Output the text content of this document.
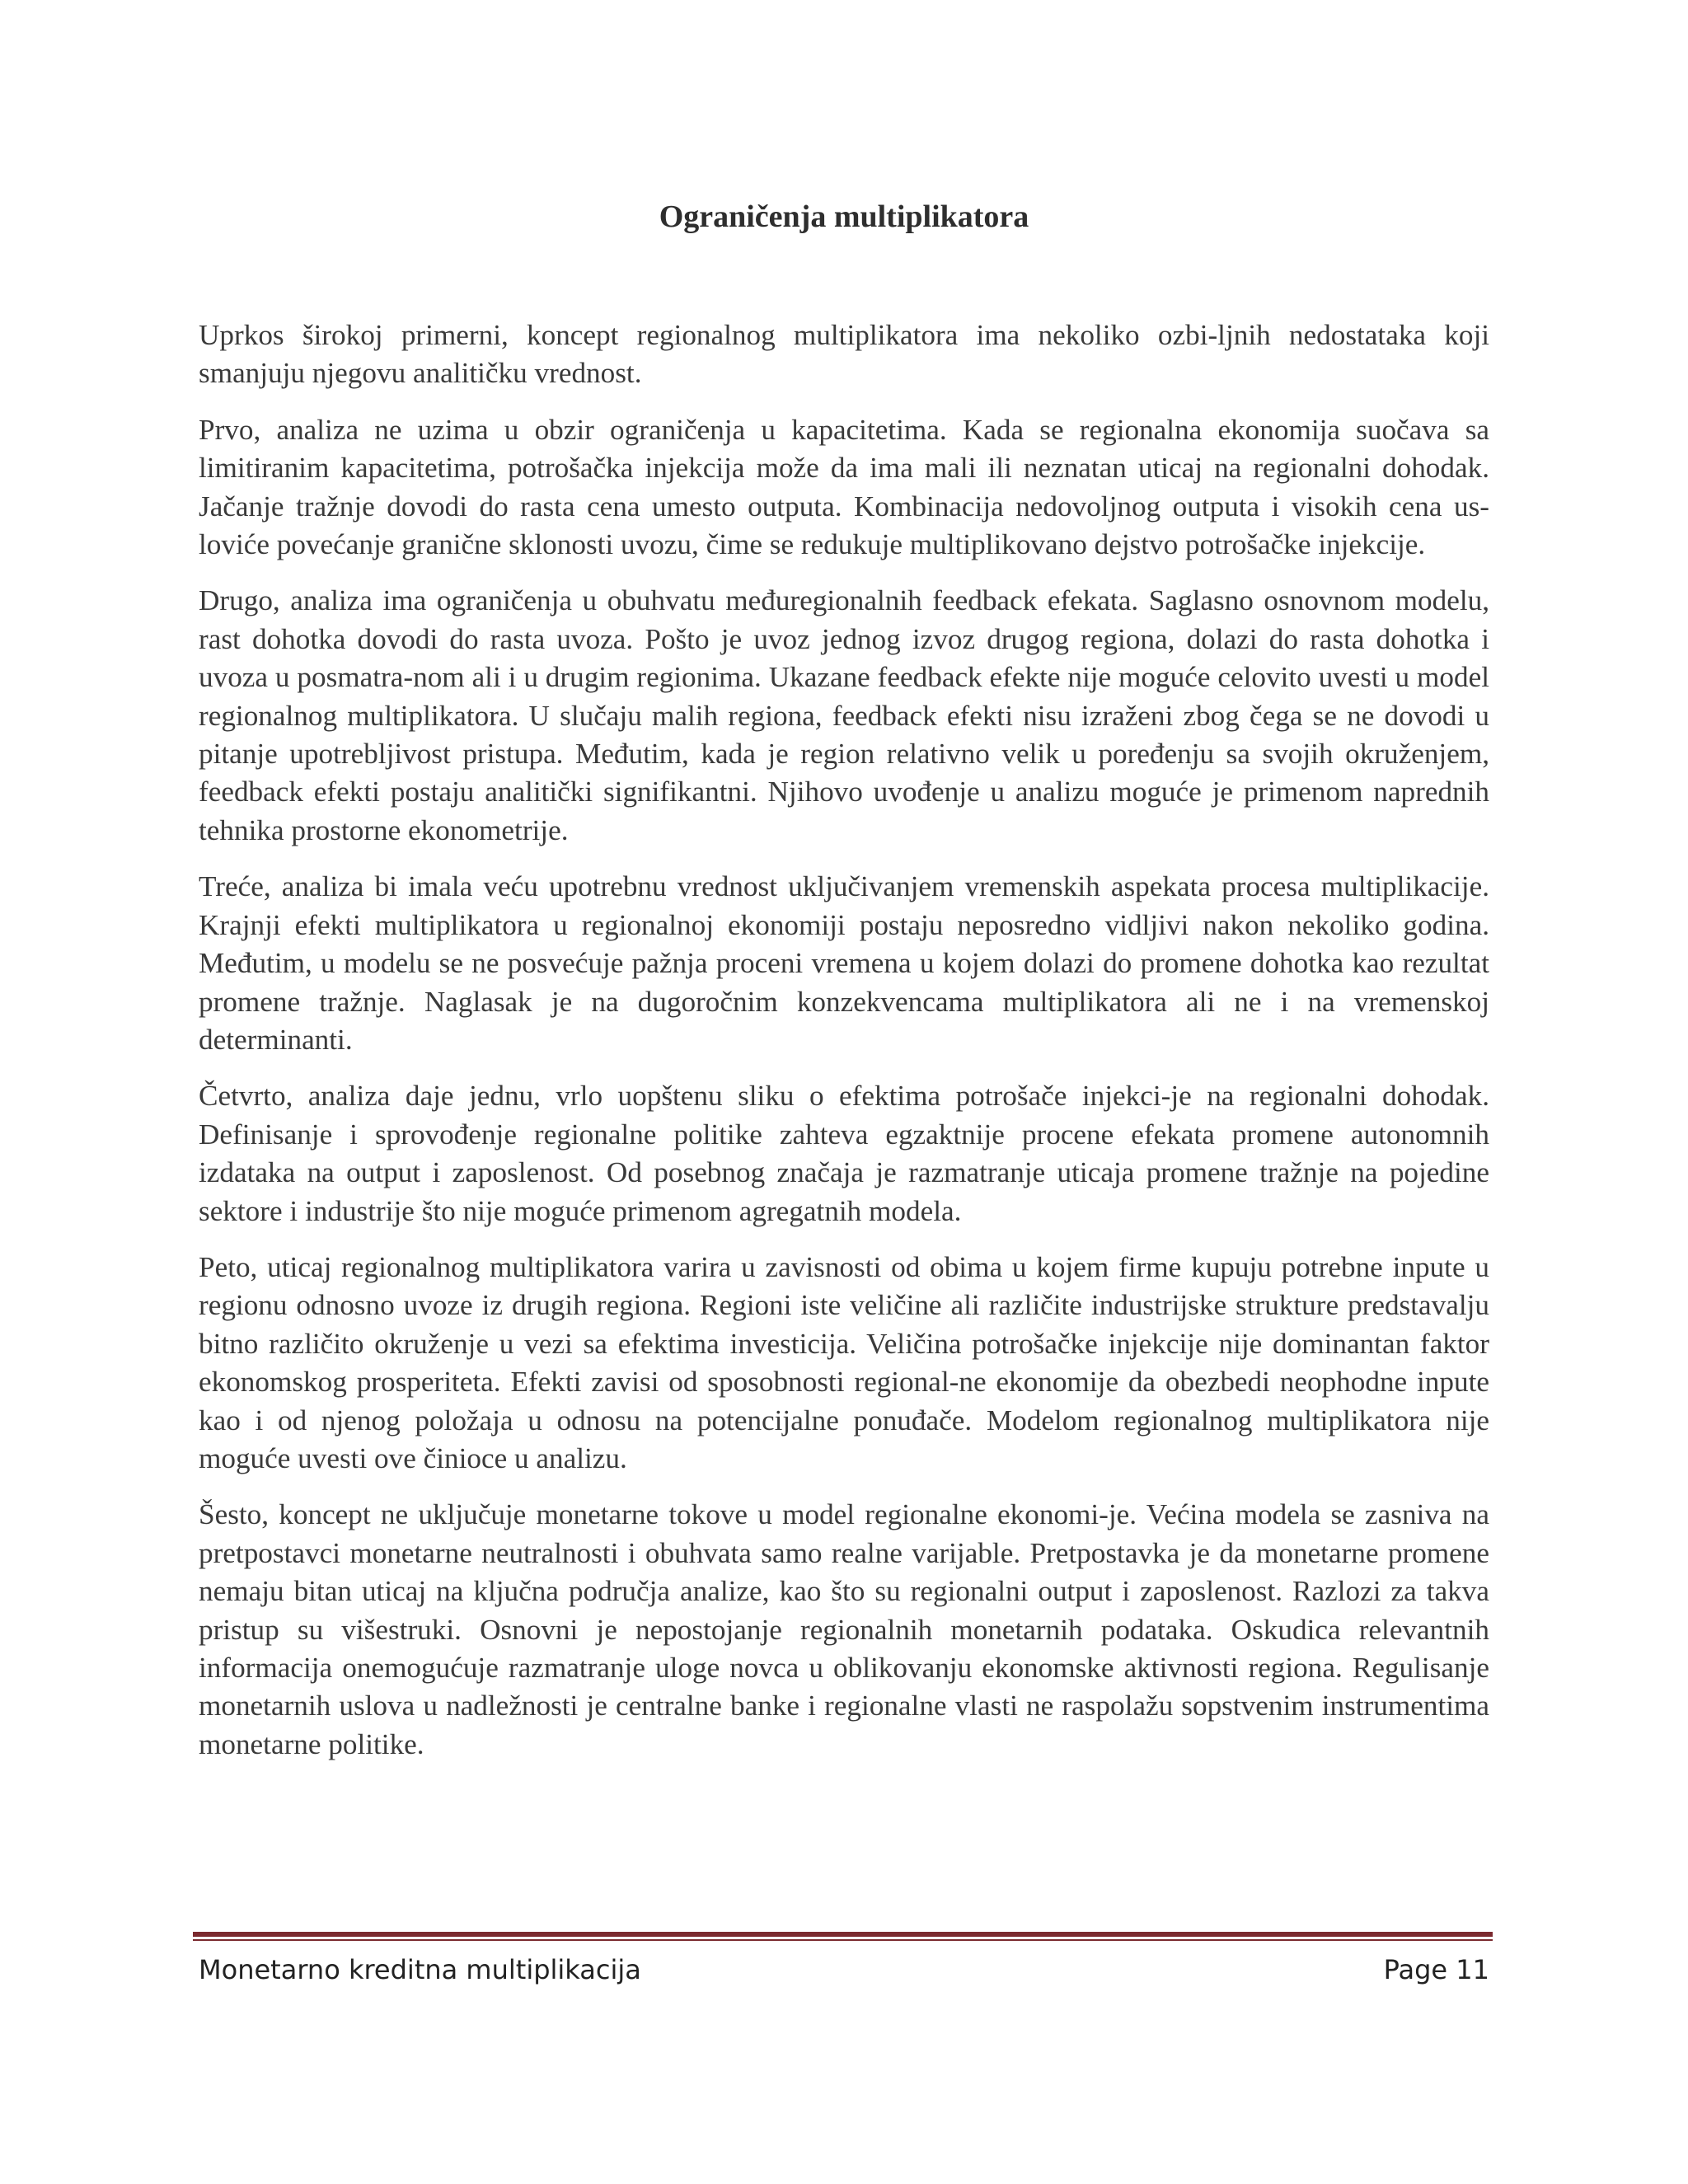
Ograničenja multiplikatora

Uprkos širokoj primerni, koncept regionalnog multiplikatora ima nekoliko ozbi-ljnih nedostataka koji smanjuju njegovu analitičku vrednost.

Prvo, analiza ne uzima u obzir ograničenja u kapacitetima. Kada se regionalna ekonomija suočava sa limitiranim kapacitetima, potrošačka injekcija može da ima mali ili neznatan uticaj na regionalni dohodak. Jačanje tražnje dovodi do rasta cena umesto outputa. Kombinacija nedovoljnog outputa i visokih cena us-loviće povećanje granične sklonosti uvozu, čime se redukuje multiplikovano dejstvo potrošačke injekcije.

Drugo, analiza ima ograničenja u obuhvatu međuregionalnih feedback efekata. Saglasno osnovnom modelu, rast dohotka dovodi do rasta uvoza. Pošto je uvoz jednog izvoz drugog regiona, dolazi do rasta dohotka i uvoza u posmatra-nom ali i u drugim regionima. Ukazane feedback efekte nije moguće celovito uvesti u model regionalnog multiplikatora. U slučaju malih regiona, feedback efekti nisu izraženi zbog čega se ne dovodi u pitanje upotrebljivost pristupa. Međutim, kada je region relativno velik u poređenju sa svojih okruženjem, feedback efekti postaju analitički signifikantni. Njihovo uvođenje u analizu moguće je primenom naprednih tehnika prostorne ekonometrije.

Treće, analiza bi imala veću upotrebnu vrednost uključivanjem vremenskih aspekata procesa multiplikacije. Krajnji efekti multiplikatora u regionalnoj ekonomiji postaju neposredno vidljivi nakon nekoliko godina. Međutim, u modelu se ne posvećuje pažnja proceni vremena u kojem dolazi do promene dohotka kao rezultat promene tražnje. Naglasak je na dugoročnim konzekvencama multiplikatora ali ne i na vremenskoj determinanti.

Četvrto, analiza daje jednu, vrlo uopštenu sliku o efektima potrošače injekci-je na regionalni dohodak. Definisanje i sprovođenje regionalne politike zahteva egzaktnije procene efekata promene autonomnih izdataka na output i zaposlenost. Od posebnog značaja je razmatranje uticaja promene tražnje na pojedine sektore i industrije što nije moguće primenom agregatnih modela.

Peto, uticaj regionalnog multiplikatora varira u zavisnosti od obima u kojem firme kupuju potrebne inpute u regionu odnosno uvoze iz drugih regiona. Regioni iste veličine ali različite industrijske strukture predstavalju bitno različito okruženje u vezi sa efektima investicija. Veličina potrošačke injekcije nije dominantan faktor ekonomskog prosperiteta. Efekti zavisi od sposobnosti regional-ne ekonomije da obezbedi neophodne inpute kao i od njenog položaja u odnosu na potencijalne ponuđače. Modelom regionalnog multiplikatora nije moguće uvesti ove činioce u analizu.

Šesto, koncept ne uključuje monetarne tokove u model regionalne ekonomi-je. Većina modela se zasniva na pretpostavci monetarne neutralnosti i obuhvata samo realne varijable. Pretpostavka je da monetarne promene nemaju bitan uticaj na ključna područja analize, kao što su regionalni output i zaposlenost. Razlozi za takva pristup su višestruki. Osnovni je nepostojanje regionalnih monetarnih podataka. Oskudica relevantnih informacija onemogućuje razmatranje uloge novca u oblikovanju ekonomske aktivnosti regiona. Regulisanje monetarnih uslova u nadležnosti je centralne banke i regionalne vlasti ne raspolažu sopstvenim instrumentima monetarne politike.

Monetarno kreditna multiplikacija	Page 11
